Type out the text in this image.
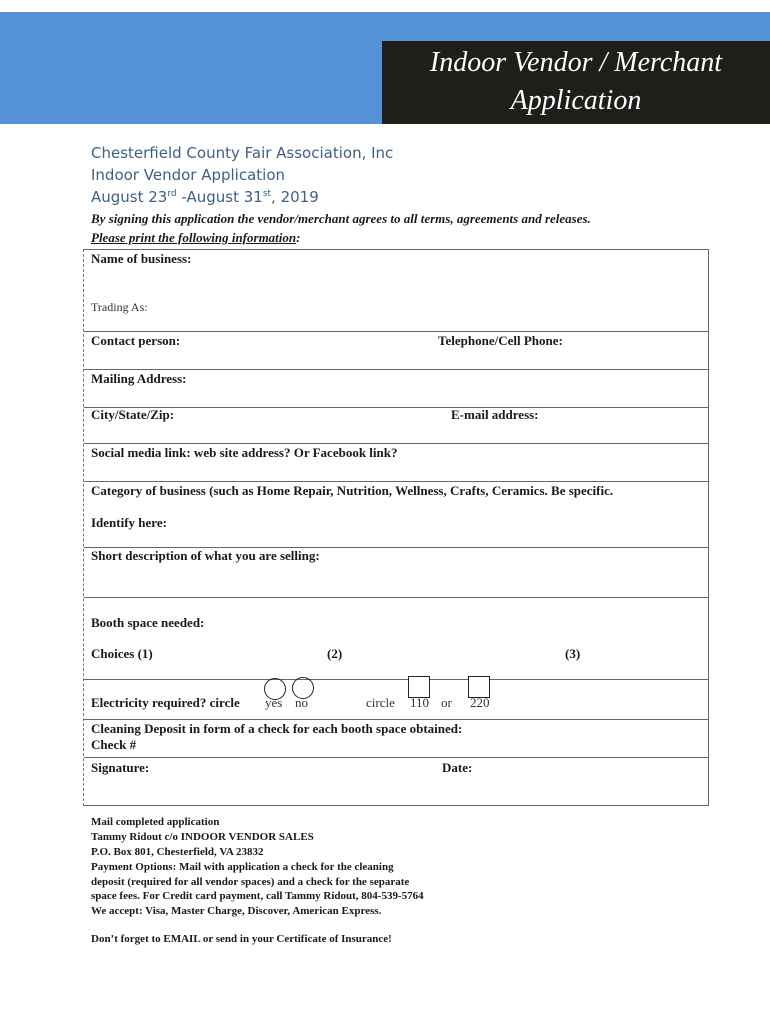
Indoor Vendor / Merchant
Application
Chesterfield County Fair Association, Inc
Indoor Vendor Application
August 23rd -August 31st, 2019
By signing this application the vendor/merchant agrees to all terms, agreements and releases.
Please print the following information:
Name of business:
Trading As:
Contact person:	Telephone/Cell Phone:
Mailing Address:
City/State/Zip:	E-mail address:
Social media link: web site address? Or Facebook link?
Category of business (such as Home Repair, Nutrition, Wellness, Crafts, Ceramics. Be specific.
Identify here:
Short description of what you are selling:
Booth space needed:
Choices (1)	(2)	(3)
Electricity required? circle yes no	circle 110 or 220
Cleaning Deposit in form of a check for each booth space obtained:
Check #
Signature:	Date:
Mail completed application
Tammy Ridout c/o INDOOR VENDOR SALES
P.O. Box 801, Chesterfield, VA 23832
Payment Options: Mail with application a check for the cleaning
deposit (required for all vendor spaces) and a check for the separate
space fees. For Credit card payment, call Tammy Ridout, 804-539-5764
We accept: Visa, Master Charge, Discover, American Express.
Don’t forget to EMAIL or send in your Certificate of Insurance!
